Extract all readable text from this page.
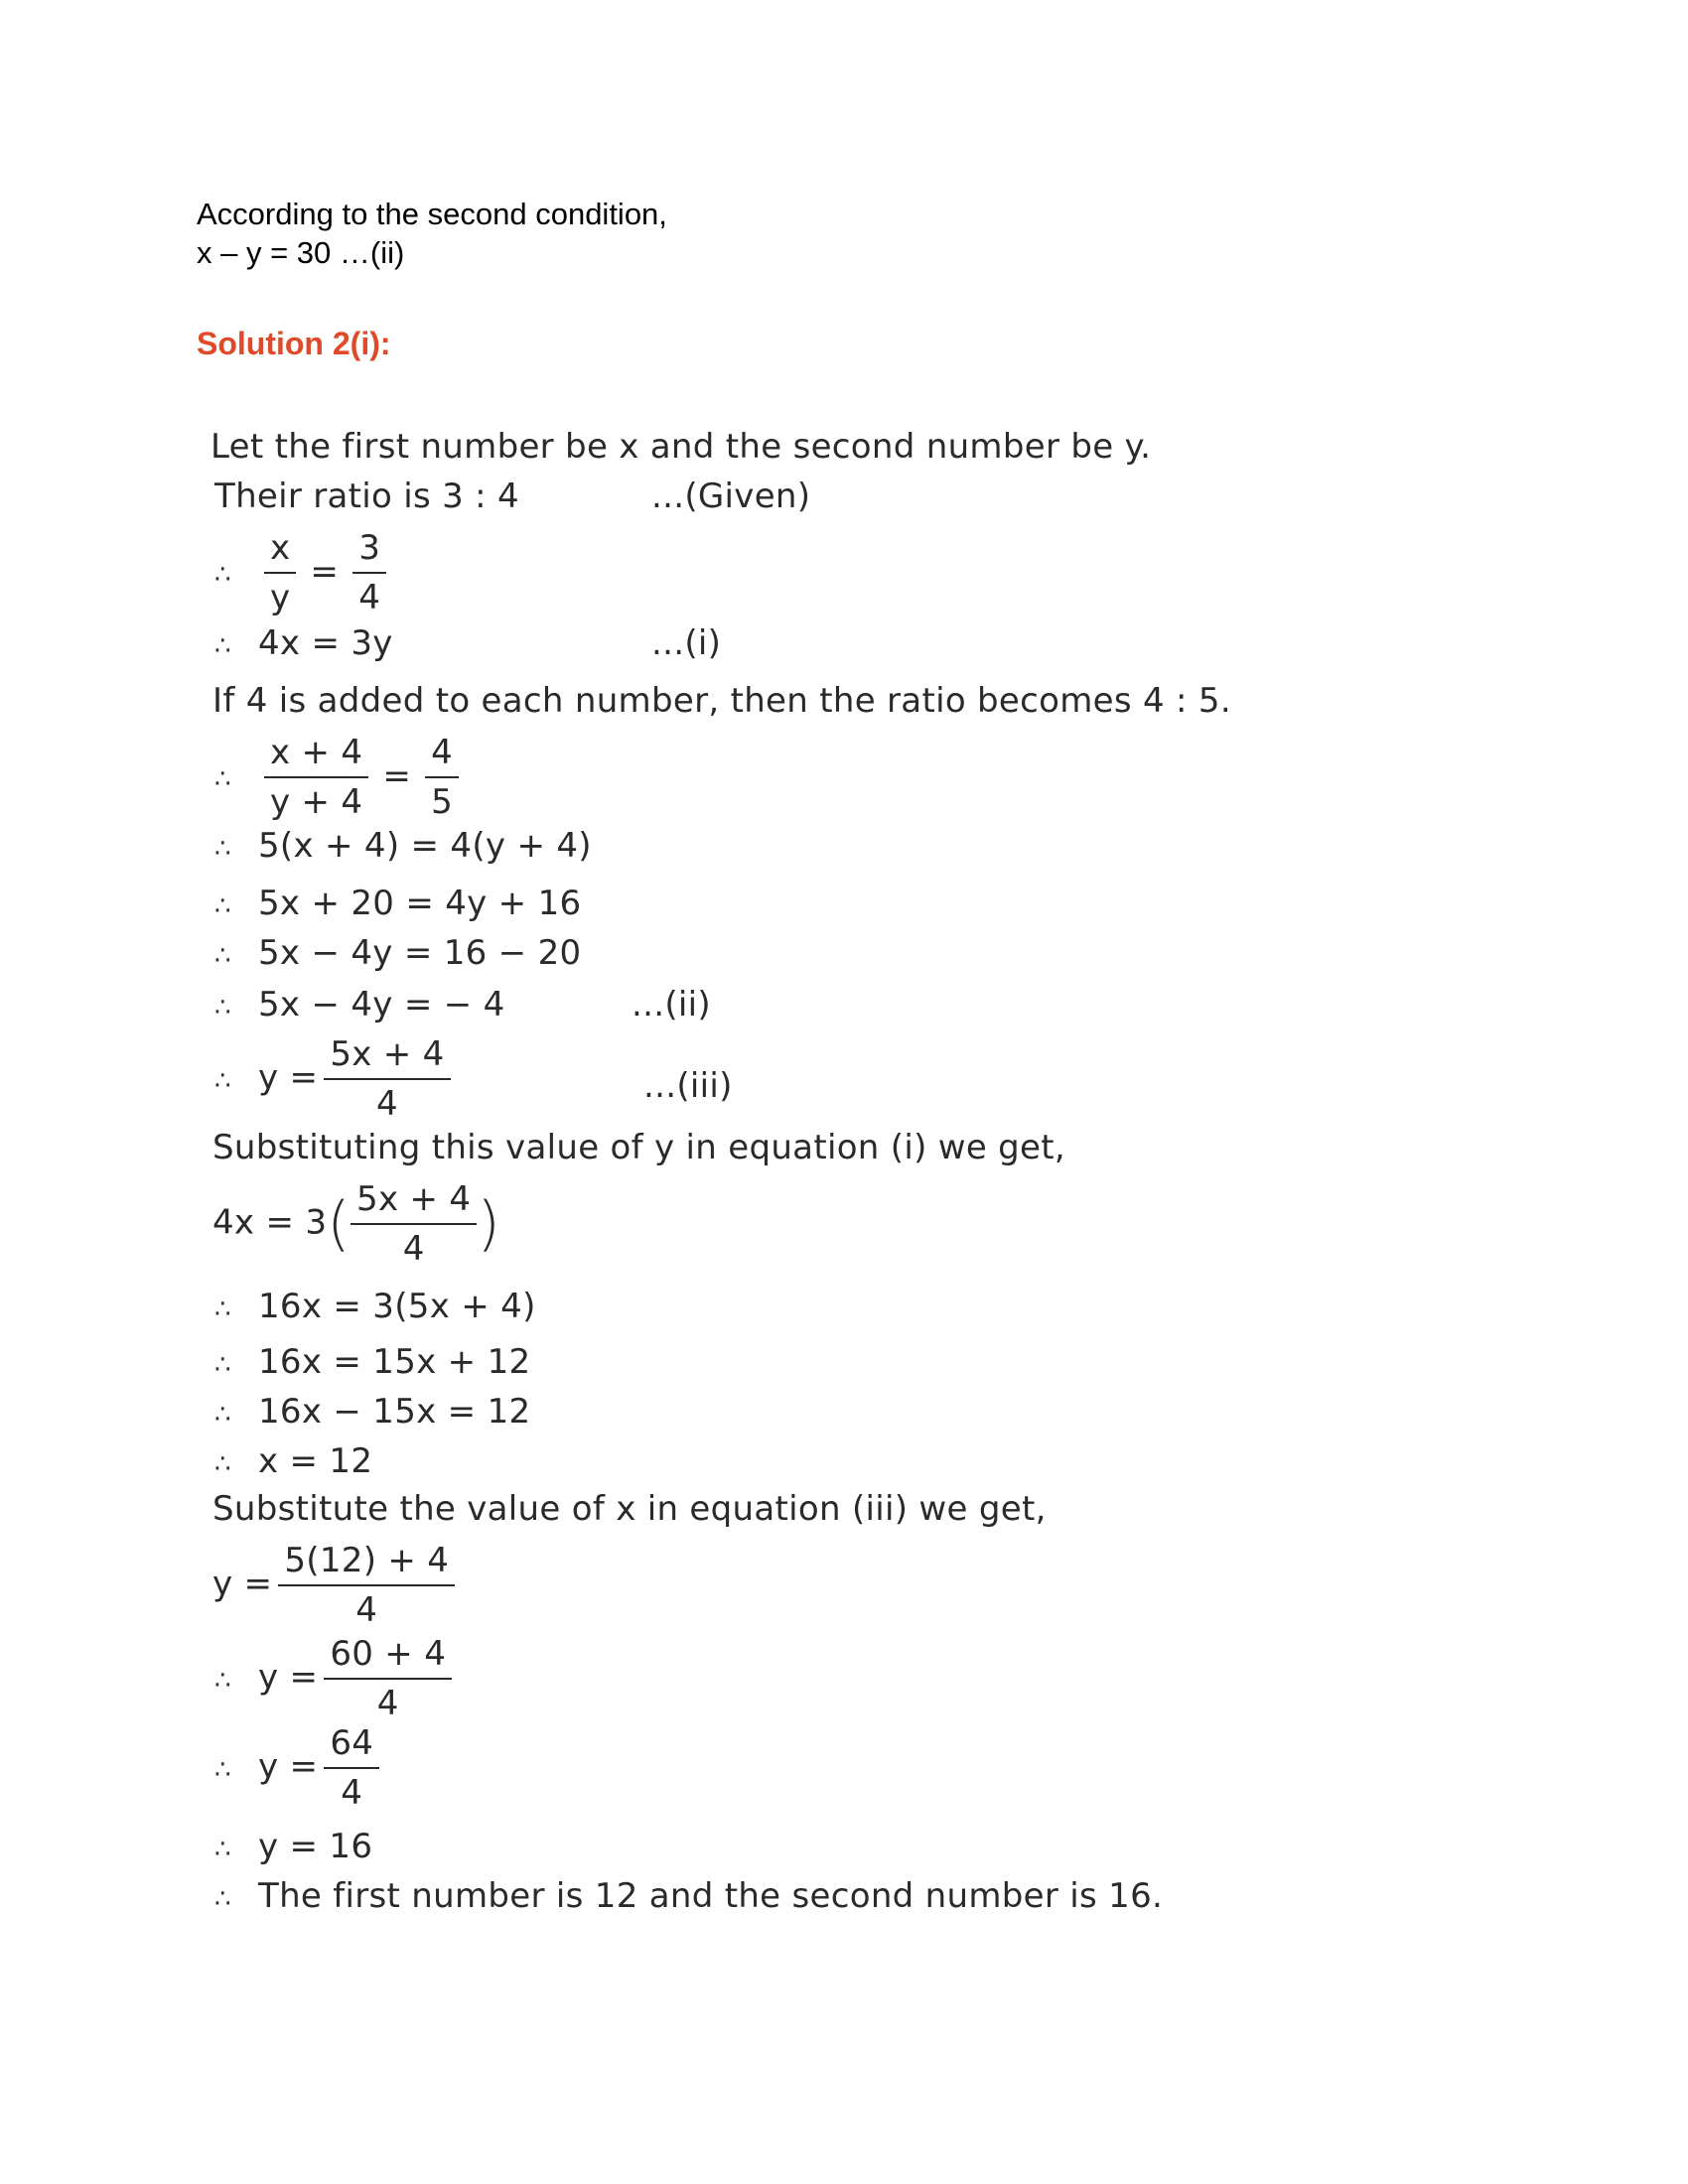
According to the second condition,
x – y = 30 …(ii)
Solution 2(i):
Let the first number be x and the second number be y.
Their ratio is 3 : 4	...(Given)
∴ $\frac{x}{y} = \frac{3}{4}$
∴ 4x = 3y	...(i)
If 4 is added to each number, then the ratio becomes 4 : 5.
∴ $\frac{x + 4}{y + 4} = \frac{4}{5}$
∴ 5(x + 4) = 4(y + 4)
∴ 5x + 20 = 4y + 16
∴ 5x − 4y = 16 − 20
∴ 5x − 4y = − 4	...(ii)
∴ $y = \frac{5x + 4}{4}$	...(iii)
Substituting this value of y in equation (i) we get,
$4x = 3( \frac{5x + 4}{4}$ )
∴ 16x = 3(5x + 4)
∴ 16x = 15x + 12
∴ 16x − 15x = 12
∴ x = 12
Substitute the value of x in equation (iii) we get,
$y = \frac{5(12) + 4}{4}$
∴ $y = \frac{60 + 4}{4}$
∴ $y = \frac{64}{4}$
∴ y = 16
∴ The first number is 12 and the second number is 16.
